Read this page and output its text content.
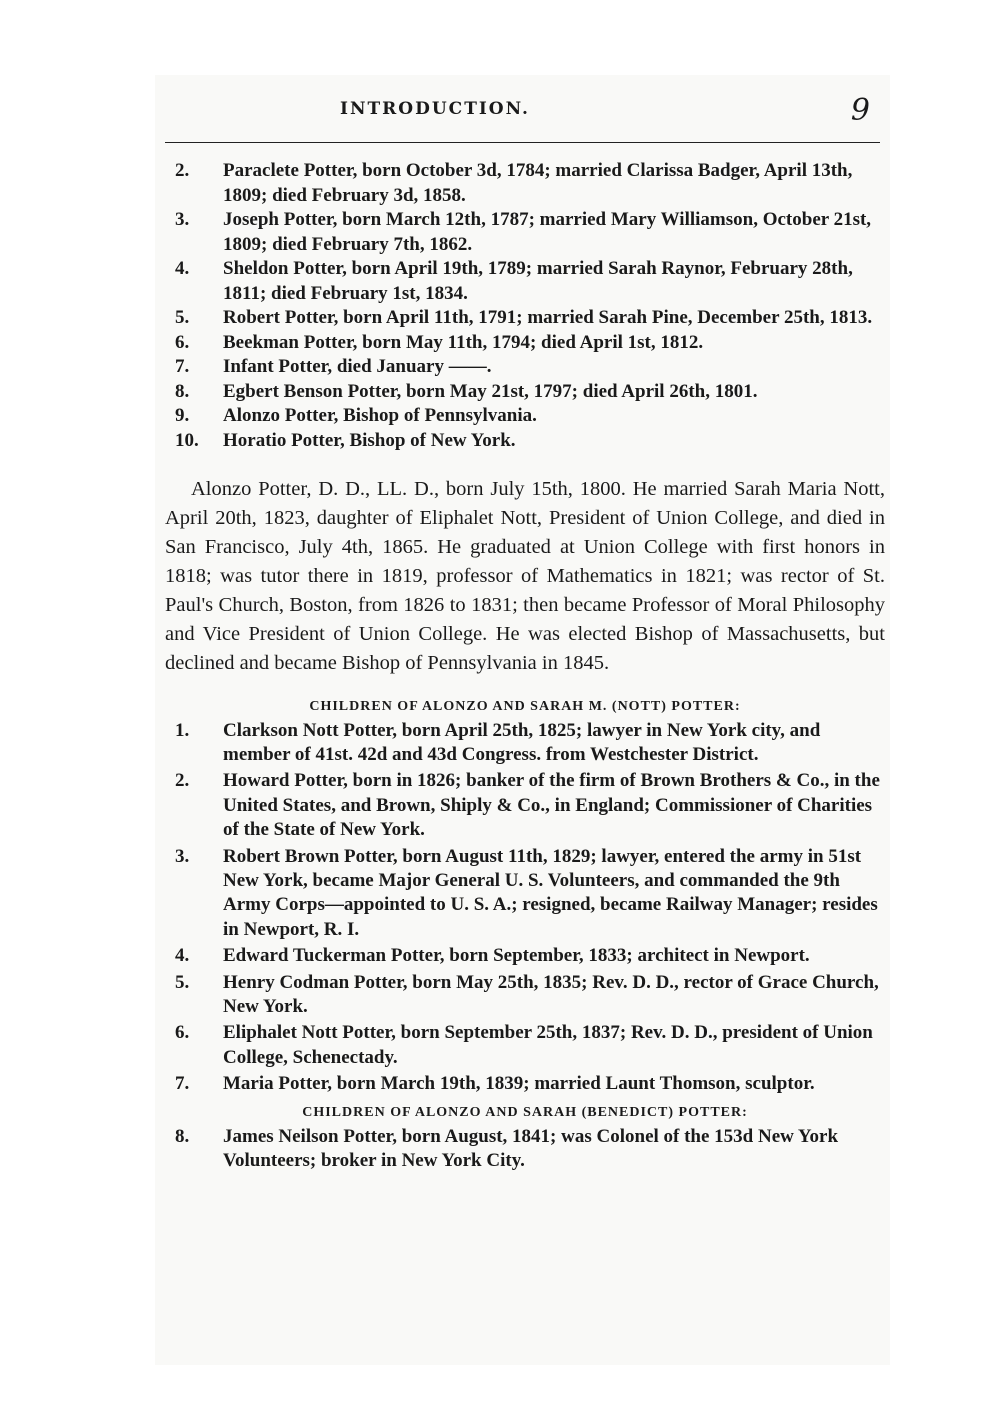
INTRODUCTION.	9
2.	Paraclete Potter, born October 3d, 1784; married Clarissa Badger, April 13th, 1809; died February 3d, 1858.
3.	Joseph Potter, born March 12th, 1787; married Mary Williamson, October 21st, 1809; died February 7th, 1862.
4.	Sheldon Potter, born April 19th, 1789; married Sarah Raynor, February 28th, 1811; died February 1st, 1834.
5.	Robert Potter, born April 11th, 1791; married Sarah Pine, December 25th, 1813.
6.	Beekman Potter, born May 11th, 1794; died April 1st, 1812.
7.	Infant Potter, died January ——.
8.	Egbert Benson Potter, born May 21st, 1797; died April 26th, 1801.
9.	Alonzo Potter, Bishop of Pennsylvania.
10.	Horatio Potter, Bishop of New York.

Alonzo Potter, D. D., LL. D., born July 15th, 1800. He married Sarah Maria Nott, April 20th, 1823, daughter of Eliphalet Nott, President of Union College, and died in San Francisco, July 4th, 1865. He graduated at Union College with first honors in 1818; was tutor there in 1819, professor of Mathematics in 1821; was rector of St. Paul's Church, Boston, from 1826 to 1831; then became Professor of Moral Philosophy and Vice President of Union College. He was elected Bishop of Massachusetts, but declined and became Bishop of Pennsylvania in 1845.

CHILDREN OF ALONZO AND SARAH M. (NOTT) POTTER:
1.	Clarkson Nott Potter, born April 25th, 1825; lawyer in New York city, and member of 41st. 42d and 43d Congress. from Westchester District.
2.	Howard Potter, born in 1826; banker of the firm of Brown Brothers & Co., in the United States, and Brown, Shiply & Co., in England; Commissioner of Charities of the State of New York.
3.	Robert Brown Potter, born August 11th, 1829; lawyer, entered the army in 51st New York, became Major General U. S. Volunteers, and commanded the 9th Army Corps—appointed to U. S. A.; resigned, became Railway Manager; resides in Newport, R. I.
4.	Edward Tuckerman Potter, born September, 1833; architect in Newport.
5.	Henry Codman Potter, born May 25th, 1835; Rev. D. D., rector of Grace Church, New York.
6.	Eliphalet Nott Potter, born September 25th, 1837; Rev. D. D., president of Union College, Schenectady.
7.	Maria Potter, born March 19th, 1839; married Launt Thomson, sculptor.
CHILDREN OF ALONZO AND SARAH (BENEDICT) POTTER:
8.	James Neilson Potter, born August, 1841; was Colonel of the 153d New York Volunteers; broker in New York City.
